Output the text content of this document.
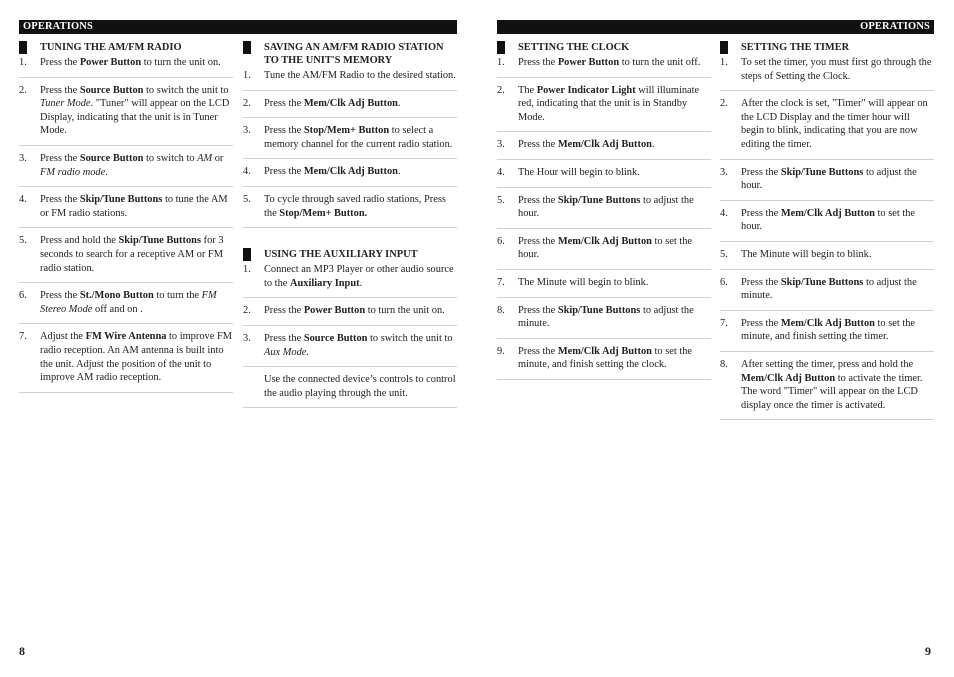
OPERATIONS	OPERATIONS
TUNING THE AM/FM RADIO
1.	Press the Power Button to turn the unit on.
2.	Press the Source Button to switch the unit to Tuner Mode. "Tuner" will appear on the LCD Display, indicating that the unit is in Tuner Mode.
3.	Press the Source Button to switch to AM or FM radio mode.
4.	Press the Skip/Tune Buttons to tune the AM or FM radio stations.
5.	Press and hold the Skip/Tune Buttons for 3 seconds to search for a receptive AM or FM radio station.
6.	Press the St./Mono Button to turn the FM Stereo Mode off and on .
7.	Adjust the FM Wire Antenna to improve FM radio reception. An AM antenna is built into the unit. Adjust the position of the unit to improve AM radio reception.
SAVING AN AM/FM RADIO STATION TO THE UNIT'S MEMORY
1.	Tune the AM/FM Radio to the desired station.
2.	Press the Mem/Clk Adj Button.
3.	Press the Stop/Mem+ Button to select a memory channel for the current radio station.
4.	Press the Mem/Clk Adj Button.
5.	To cycle through saved radio stations, Press the Stop/Mem+ Button.
USING THE AUXILIARY INPUT
1.	Connect an MP3 Player or other audio source to the Auxiliary Input.
2.	Press the Power Button to turn the unit on.
3.	Press the Source Button to switch the unit to Aux Mode.
Use the connected device’s controls to control the audio playing through the unit.
SETTING THE CLOCK
1.	Press the Power Button to turn the unit off.
2.	The Power Indicator Light will illuminate red, indicating that the unit is in Standby Mode.
3.	Press the Mem/Clk Adj Button.
4.	The Hour will begin to blink.
5.	Press the Skip/Tune Buttons to adjust the hour.
6.	Press the Mem/Clk Adj Button to set the hour.
7.	The Minute will begin to blink.
8.	Press the Skip/Tune Buttons to adjust the minute.
9.	Press the Mem/Clk Adj Button to set the minute, and finish setting the clock.
SETTING THE TIMER
1.	To set the timer, you must first go through the steps of Setting the Clock.
2.	After the clock is set, "Timer" will appear on the LCD Display and the timer hour will begin to blink, indicating that you are now editing the timer.
3.	Press the Skip/Tune Buttons to adjust the hour.
4.	Press the Mem/Clk Adj Button to set the hour.
5.	The Minute will begin to blink.
6.	Press the Skip/Tune Buttons to adjust the minute.
7.	Press the Mem/Clk Adj Button to set the minute, and finish setting the timer.
8.	After setting the timer, press and hold the Mem/Clk Adj Button to activate the timer. The word "Timer" will appear on the LCD display once the timer is activated.
8	9
